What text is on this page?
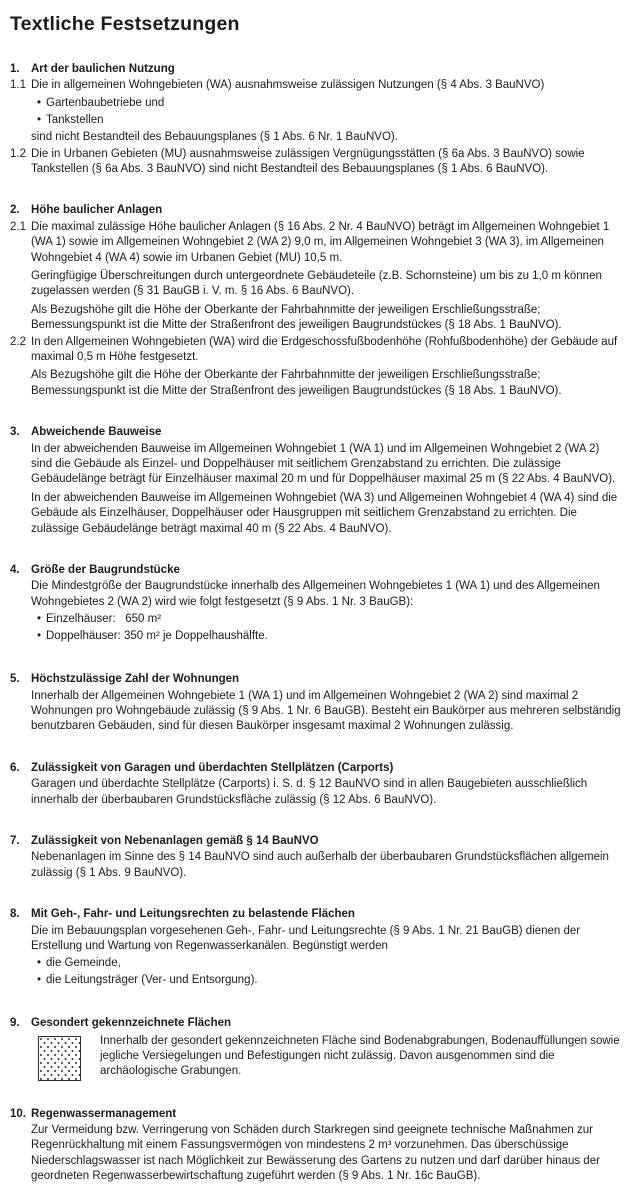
Textliche Festsetzungen
1. Art der baulichen Nutzung
1.1 Die in allgemeinen Wohngebieten (WA) ausnahmsweise zulässigen Nutzungen (§ 4 Abs. 3 BauNVO)
• Gartenbaubetriebe und
• Tankstellen
sind nicht Bestandteil des Bebauungsplanes (§ 1 Abs. 6 Nr. 1 BauNVO).
1.2 Die in Urbanen Gebieten (MU) ausnahmsweise zulässigen Vergnügungsstätten (§ 6a Abs. 3 BauNVO) sowie Tankstellen (§ 6a Abs. 3 BauNVO) sind nicht Bestandteil des Bebauungsplanes (§ 1 Abs. 6 BauNVO).
2. Höhe baulicher Anlagen
2.1 Die maximal zulässige Höhe baulicher Anlagen (§ 16 Abs. 2 Nr. 4 BauNVO) beträgt im Allgemeinen Wohngebiet 1 (WA 1) sowie im Allgemeinen Wohngebiet 2 (WA 2) 9,0 m, im Allgemeinen Wohngebiet 3 (WA 3), im Allgemeinen Wohngebiet 4 (WA 4) sowie im Urbanen Gebiet (MU) 10,5 m.
Geringfügige Überschreitungen durch untergeordnete Gebäudeteile (z.B. Schornsteine) um bis zu 1,0 m können zugelassen werden (§ 31 BauGB i. V. m. § 16 Abs. 6 BauNVO).
Als Bezugshöhe gilt die Höhe der Oberkante der Fahrbahnmitte der jeweiligen Erschließungsstraße; Bemessungspunkt ist die Mitte der Straßenfront des jeweiligen Baugrundstückes (§ 18 Abs. 1 BauNVO).
2.2 In den Allgemeinen Wohngebieten (WA) wird die Erdgeschossfußbodenhöhe (Rohfußbodenhöhe) der Gebäude auf maximal 0,5 m Höhe festgesetzt.
Als Bezugshöhe gilt die Höhe der Oberkante der Fahrbahnmitte der jeweiligen Erschließungsstraße; Bemessungspunkt ist die Mitte der Straßenfront des jeweiligen Baugrundstückes (§ 18 Abs. 1 BauNVO).
3. Abweichende Bauweise
In der abweichenden Bauweise im Allgemeinen Wohngebiet 1 (WA 1) und im Allgemeinen Wohngebiet 2 (WA 2) sind die Gebäude als Einzel- und Doppelhäuser mit seitlichem Grenzabstand zu errichten. Die zulässige Gebäudelänge beträgt für Einzelhäuser maximal 20 m und für Doppelhäuser maximal 25 m (§ 22 Abs. 4 BauNVO).
In der abweichenden Bauweise im Allgemeinen Wohngebiet (WA 3) und Allgemeinen Wohngebiet 4 (WA 4) sind die Gebäude als Einzelhäuser, Doppelhäuser oder Hausgruppen mit seitlichem Grenzabstand zu errichten. Die zulässige Gebäudelänge beträgt maximal 40 m (§ 22 Abs. 4 BauNVO).
4. Größe der Baugrundstücke
Die Mindestgröße der Baugrundstücke innerhalb des Allgemeinen Wohngebietes 1 (WA 1) und des Allgemeinen Wohngebietes 2 (WA 2) wird wie folgt festgesetzt (§ 9 Abs. 1 Nr. 3 BauGB):
• Einzelhäuser:   650 m²
• Doppelhäuser: 350 m² je Doppelhaushälfte.
5. Höchstzulässige Zahl der Wohnungen
Innerhalb der Allgemeinen Wohngebiete 1 (WA 1) und im Allgemeinen Wohngebiet 2 (WA 2) sind maximal 2 Wohnungen pro Wohngebäude zulässig (§ 9 Abs. 1 Nr. 6 BauGB). Besteht ein Baukörper aus mehreren selbständig benutzbaren Gebäuden, sind für diesen Baukörper insgesamt maximal 2 Wohnungen zulässig.
6. Zulässigkeit von Garagen und überdachten Stellplätzen (Carports)
Garagen und überdachte Stellplätze (Carports) i. S. d. § 12 BauNVO sind in allen Baugebieten ausschließlich innerhalb der überbaubaren Grundstücksfläche zulässig (§ 12 Abs. 6 BauNVO).
7. Zulässigkeit von Nebenanlagen gemäß § 14 BauNVO
Nebenanlagen im Sinne des § 14 BauNVO sind auch außerhalb der überbaubaren Grundstücksflächen allgemein zulässig (§ 1 Abs. 9 BauNVO).
8. Mit Geh-, Fahr- und Leitungsrechten zu belastende Flächen
Die im Bebauungsplan vorgesehenen Geh-, Fahr- und Leitungsrechte (§ 9 Abs. 1 Nr. 21 BauGB) dienen der Erstellung und Wartung von Regenwasserkanälen. Begünstigt werden
• die Gemeinde,
• die Leitungsträger (Ver- und Entsorgung).
9. Gesondert gekennzeichnete Flächen
Innerhalb der gesondert gekennzeichneten Fläche sind Bodenabgrabungen, Bodenauffüllungen sowie jegliche Versiegelungen und Befestigungen nicht zulässig. Davon ausgenommen sind die archäologische Grabungen.
10. Regenwassermanagement
Zur Vermeidung bzw. Verringerung von Schäden durch Starkregen sind geeignete technische Maßnahmen zur Regenrückhaltung mit einem Fassungsvermögen von mindestens 2 m³ vorzunehmen. Das überschüssige Niederschlagswasser ist nach Möglichkeit zur Bewässerung des Gartens zu nutzen und darf darüber hinaus der geordneten Regenwasserbewirtschaftung zugeführt werden (§ 9 Abs. 1 Nr. 16c BauGB).
